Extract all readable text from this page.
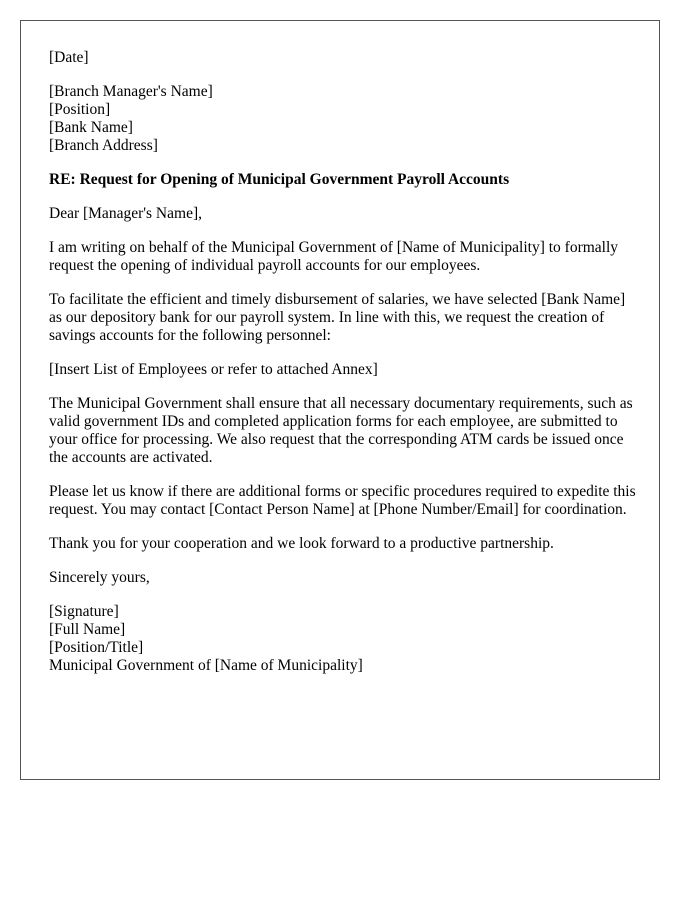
[Date]

[Branch Manager's Name]
[Position]
[Bank Name]
[Branch Address]

RE: Request for Opening of Municipal Government Payroll Accounts

Dear [Manager's Name],

I am writing on behalf of the Municipal Government of [Name of Municipality] to formally request the opening of individual payroll accounts for our employees.

To facilitate the efficient and timely disbursement of salaries, we have selected [Bank Name] as our depository bank for our payroll system. In line with this, we request the creation of savings accounts for the following personnel:

[Insert List of Employees or refer to attached Annex]

The Municipal Government shall ensure that all necessary documentary requirements, such as valid government IDs and completed application forms for each employee, are submitted to your office for processing. We also request that the corresponding ATM cards be issued once the accounts are activated.

Please let us know if there are additional forms or specific procedures required to expedite this request. You may contact [Contact Person Name] at [Phone Number/Email] for coordination.

Thank you for your cooperation and we look forward to a productive partnership.

Sincerely yours,

[Signature]
[Full Name]
[Position/Title]
Municipal Government of [Name of Municipality]
